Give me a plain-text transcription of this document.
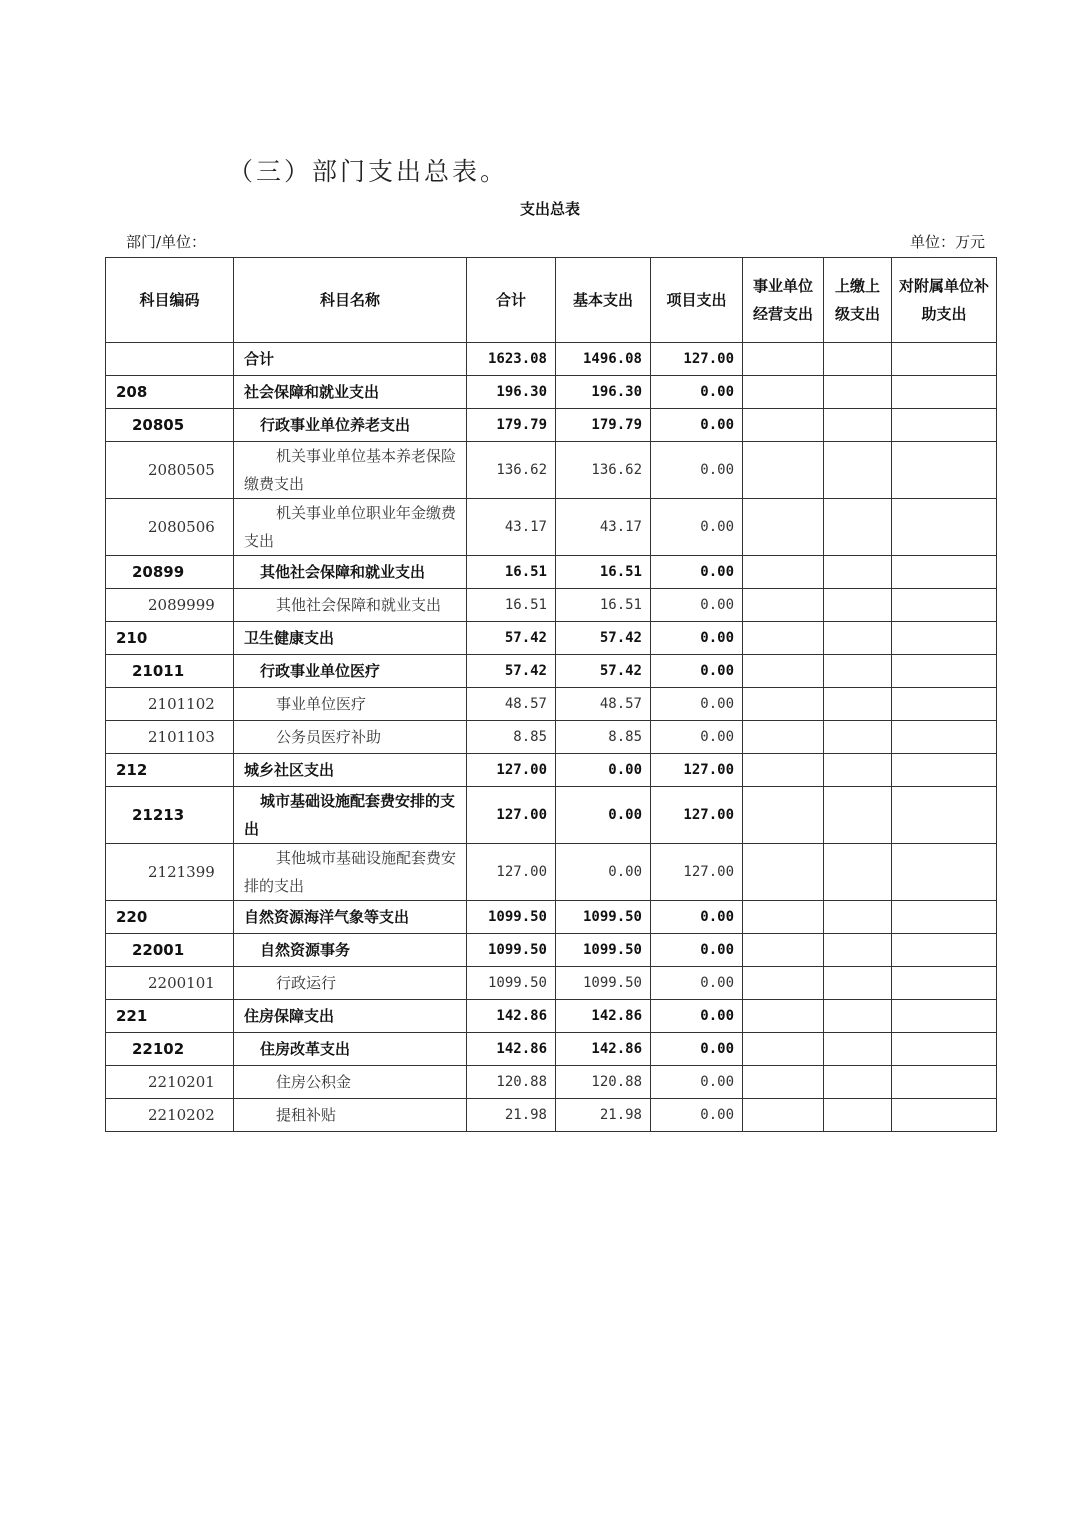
（三）部门支出总表。
支出总表
部门/单位：	单位：万元
科目编码	科目名称	合计	基本支出	项目支出	事业单位经营支出	上缴上级支出	对附属单位补助支出
	合计	1623.08	1496.08	127.00			
208	社会保障和就业支出	196.30	196.30	0.00			
20805	行政事业单位养老支出	179.79	179.79	0.00			
2080505	机关事业单位基本养老保险缴费支出	136.62	136.62	0.00			
2080506	机关事业单位职业年金缴费支出	43.17	43.17	0.00			
20899	其他社会保障和就业支出	16.51	16.51	0.00			
2089999	其他社会保障和就业支出	16.51	16.51	0.00			
210	卫生健康支出	57.42	57.42	0.00			
21011	行政事业单位医疗	57.42	57.42	0.00			
2101102	事业单位医疗	48.57	48.57	0.00			
2101103	公务员医疗补助	8.85	8.85	0.00			
212	城乡社区支出	127.00	0.00	127.00			
21213	城市基础设施配套费安排的支出	127.00	0.00	127.00			
2121399	其他城市基础设施配套费安排的支出	127.00	0.00	127.00			
220	自然资源海洋气象等支出	1099.50	1099.50	0.00			
22001	自然资源事务	1099.50	1099.50	0.00			
2200101	行政运行	1099.50	1099.50	0.00			
221	住房保障支出	142.86	142.86	0.00			
22102	住房改革支出	142.86	142.86	0.00			
2210201	住房公积金	120.88	120.88	0.00			
2210202	提租补贴	21.98	21.98	0.00			
